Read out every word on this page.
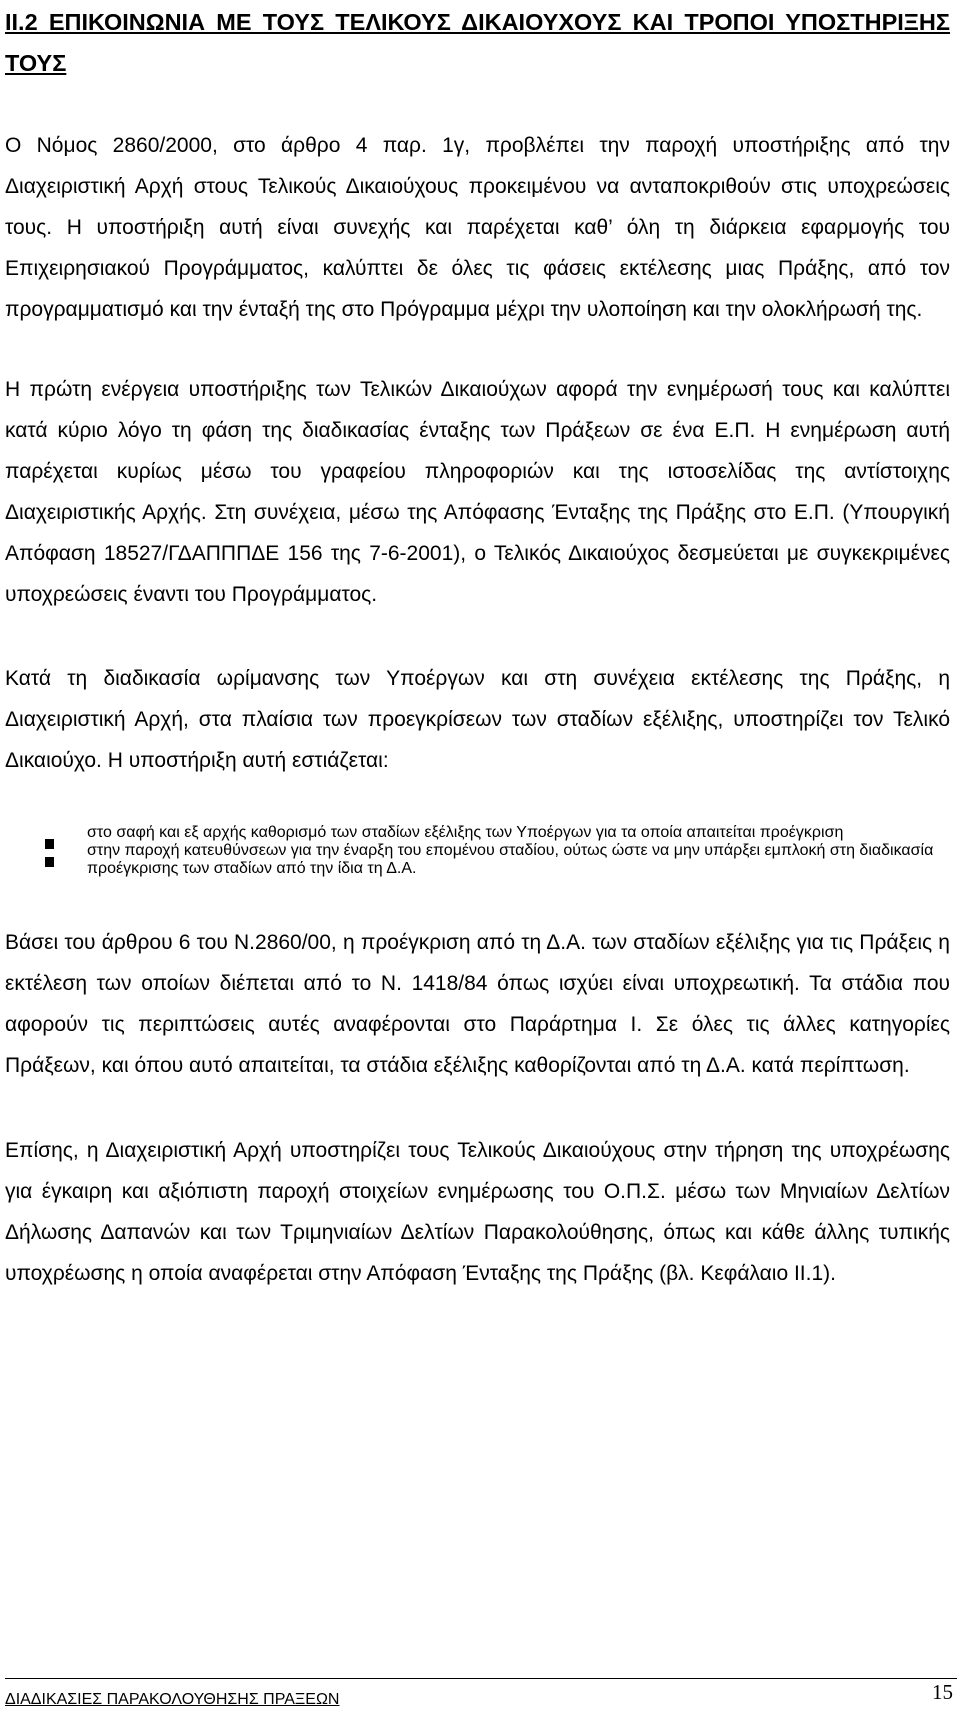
ΙΙ.2 ΕΠΙΚΟΙΝΩΝΙΑ ΜΕ ΤΟΥΣ ΤΕΛΙΚΟΥΣ ΔΙΚΑΙΟΥΧΟΥΣ ΚΑΙ ΤΡΟΠΟΙ ΥΠΟΣΤΗΡΙΞΗΣ ΤΟΥΣ

Ο Νόμος 2860/2000, στο άρθρο 4 παρ. 1γ, προβλέπει την παροχή υποστήριξης από την Διαχειριστική Αρχή στους Τελικούς Δικαιούχους προκειμένου να ανταποκριθούν στις υποχρεώσεις τους. Η υποστήριξη αυτή είναι συνεχής και παρέχεται καθ’ όλη τη διάρκεια εφαρμογής του Επιχειρησιακού Προγράμματος, καλύπτει δε όλες τις φάσεις εκτέλεσης μιας Πράξης, από τον προγραμματισμό και την ένταξή της στο Πρόγραμμα μέχρι την υλοποίηση και την ολοκλήρωσή της.

Η πρώτη ενέργεια υποστήριξης των Τελικών Δικαιούχων αφορά την ενημέρωσή τους και καλύπτει κατά κύριο λόγο τη φάση της διαδικασίας ένταξης των Πράξεων σε ένα Ε.Π. Η ενημέρωση αυτή παρέχεται κυρίως μέσω του γραφείου πληροφοριών και της ιστοσελίδας της αντίστοιχης Διαχειριστικής Αρχής. Στη συνέχεια, μέσω της Απόφασης Ένταξης της Πράξης στο Ε.Π. (Υπουργική Απόφαση 18527/ΓΔΑΠΠΠΔΕ 156 της 7-6-2001), ο Τελικός Δικαιούχος δεσμεύεται με συγκεκριμένες υποχρεώσεις έναντι του Προγράμματος.

Κατά τη διαδικασία ωρίμανσης των Υποέργων και στη συνέχεια εκτέλεσης της Πράξης, η Διαχειριστική Αρχή, στα πλαίσια των προεγκρίσεων των σταδίων εξέλιξης, υποστηρίζει τον Τελικό Δικαιούχο. Η υποστήριξη αυτή εστιάζεται:

στο σαφή και εξ αρχής καθορισμό των σταδίων εξέλιξης των Υποέργων για τα οποία απαιτείται προέγκριση
στην παροχή κατευθύνσεων για την έναρξη του επομένου σταδίου, ούτως ώστε να μην υπάρξει εμπλοκή στη διαδικασία προέγκρισης των σταδίων από την ίδια τη Δ.Α.

Βάσει του άρθρου 6 του Ν.2860/00, η προέγκριση από τη Δ.Α. των σταδίων εξέλιξης για τις Πράξεις η εκτέλεση των οποίων διέπεται από το Ν. 1418/84 όπως ισχύει είναι υποχρεωτική. Τα στάδια που αφορούν τις περιπτώσεις αυτές αναφέρονται στο Παράρτημα Ι. Σε όλες τις άλλες κατηγορίες Πράξεων, και όπου αυτό απαιτείται, τα στάδια εξέλιξης καθορίζονται από τη Δ.Α. κατά περίπτωση.

Επίσης, η Διαχειριστική Αρχή υποστηρίζει τους Τελικούς Δικαιούχους στην τήρηση της υποχρέωσης για έγκαιρη και αξιόπιστη παροχή στοιχείων ενημέρωσης του Ο.Π.Σ. μέσω των Μηνιαίων Δελτίων Δήλωσης Δαπανών και των Τριμηνιαίων Δελτίων Παρακολούθησης, όπως και κάθε άλλης τυπικής υποχρέωσης η οποία αναφέρεται στην Απόφαση Ένταξης της Πράξης (βλ. Κεφάλαιο ΙΙ.1).

ΔΙΑΔΙΚΑΣΙΕΣ ΠΑΡΑΚΟΛΟΥΘΗΣΗΣ ΠΡΑΞΕΩΝ	15
